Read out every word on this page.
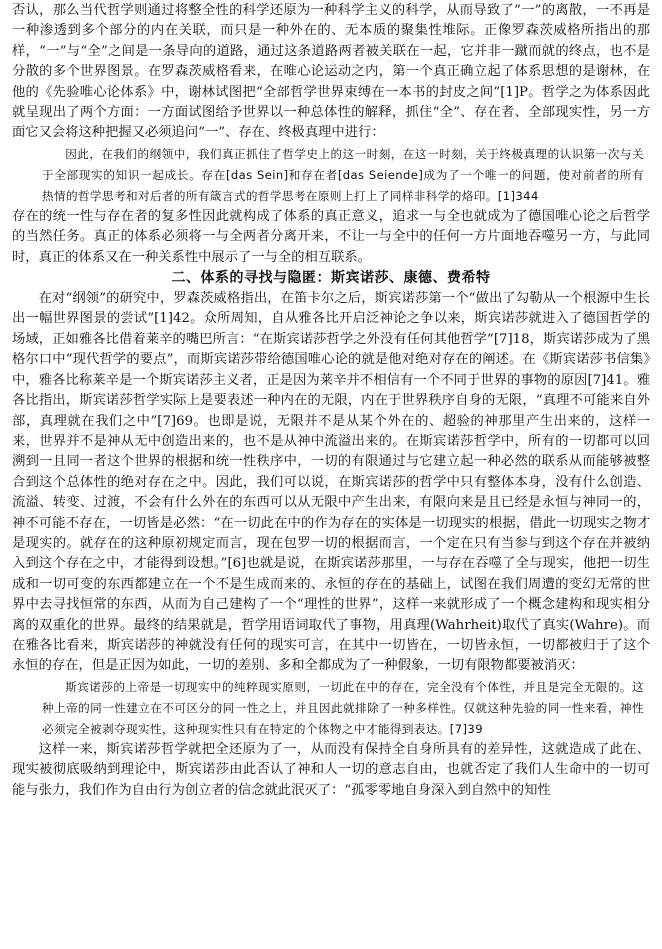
░░░

否认，那么当代哲学则通过将整全性的科学还原为一种科学主义的科学，从而导致了“一”的离散，一不再是一种渗透到多个部分的内在关联，而只是一种外在的、无本质的聚集性堆际。正像罗森茨威格所指出的那样，“一”与“全”之间是一条导向的道路，通过这条道路两者被关联在一起，它并非一蹴而就的终点，也不是分散的多个世界图景。在罗森茨威格看来，在唯心论运动之内，第一个真正确立起了体系思想的是谢林，在他的《先验唯心论体系》中，谢林试图把“全部哲学世界束缚在一本书的封皮之间”[1]P。哲学之为体系因此就呈现出了两个方面：一方面试图给予世界以一种总体性的解释，抓住“全”、存在者、全部现实性，另一方面它又会将这种把握又必须追问“一”、存在、终极真理中进行：

因此，在我们的纲领中，我们真正抓住了哲学史上的这一时刻，在这一时刻，关于终极真理的认识第一次与关于全部现实的知识一起成长。存在[das Sein]和存在者[das Seiende]成为了一个唯一的问题，使对前者的所有热情的哲学思考和对后者的所有箴言式的哲学思考在原则上打上了同样非科学的烙印。[1]344

存在的统一性与存在者的复多性因此就构成了体系的真正意义，追求一与全也就成为了德国唯心论之后哲学的当然任务。真正的体系必须将一与全两者分离开来，不让一与全中的任何一方片面地吞噬另一方，与此同时，真正的体系又在一种关系性中展示了一与全的相互联系。

二、体系的寻找与隐匿：斯宾诺莎、康德、费希特

在对“纲领”的研究中，罗森茨威格指出，在笛卡尔之后，斯宾诺莎第一个“做出了勾勒从一个根源中生长出一幅世界图景的尝试”[1]42。众所周知，自从雅各比开启泛神论之争以来，斯宾诺莎就进入了德国哲学的场域，正如雅各比借着莱辛的嘴巴所言：“在斯宾诺莎哲学之外没有任何其他哲学”[7]18，斯宾诺莎成为了黑格尔口中“现代哲学的要点”，而斯宾诺莎带给德国唯心论的就是他对绝对存在的阐述。在《斯宾诺莎书信集》中，雅各比称莱辛是一个斯宾诺莎主义者，正是因为莱辛并不相信有一个不同于世界的事物的原因[7]41。雅各比指出，斯宾诺莎哲学实际上是要表述一种内在的无限，内在于世界秩序自身的无限，“真理不可能来自外部，真理就在我们之中”[7]69。也即是说，无限并不是从某个外在的、超验的神那里产生出来的，这样一来，世界并不是神从无中创造出来的，也不是从神中流溢出来的。在斯宾诺莎哲学中，所有的一切都可以回溯到一且同一者这个世界的根据和统一性秩序中，一切的有限通过与它建立起一种必然的联系从而能够被整合到这个总体性的绝对存在之中。因此，我们可以说，在斯宾诺莎的哲学中只有整体本身，没有什么创造、流溢、转变、过渡，不会有什么外在的东西可以从无限中产生出来，有限向来是且已经是永恒与神同一的，神不可能不存在，一切皆是必然：“在一切此在中的作为存在的实体是一切现实的根据，借此一切现实之物才是现实的。就存在的这种原初规定而言，现在包罗一切的根据而言，一个定在只有当参与到这个存在并被纳入到这个存在之中，才能得到设想。”[6]也就是说，在斯宾诺莎那里，一与存在吞噬了全与现实，他把一切生成和一切可变的东西都建立在一个不是生成而来的、永恒的存在的基础上，试图在我们周遭的变幻无常的世界中去寻找恒常的东西，从而为自己建构了一个“理性的世界”，这样一来就形成了一个概念建构和现实相分离的双重化的世界。最终的结果就是，哲学用语词取代了事物，用真理(Wahrheit)取代了真实(Wahre)。而在雅各比看来，斯宾诺莎的神就没有任何的现实可言，在其中一切皆在，一切皆永恒，一切都被归于了这个永恒的存在，但是正因为如此，一切的差别、多和全都成为了一种假象，一切有限物都要被消灭：

斯宾诺莎的上帝是一切现实中的纯粹现实原则，一切此在中的存在，完全没有个体性，并且是完全无限的。这种上帝的同一性建立在不可区分的同一性之上，并且因此就排除了一种多样性。仅就这种先验的同一性来看，神性必须完全被剥夺现实性，这种现实性只有在特定的个体物之中才能得到表达。[7]39

这样一来，斯宾诺莎哲学就把全还原为了一，从而没有保持全自身所具有的差异性，这就造成了此在、现实被彻底吸纳到理论中，斯宾诺莎由此否认了神和人一切的意志自由，也就否定了我们人生命中的一切可能与张力，我们作为自由行为创立者的信念就此泯灭了：“孤零零地自身深入到自然中的知性
